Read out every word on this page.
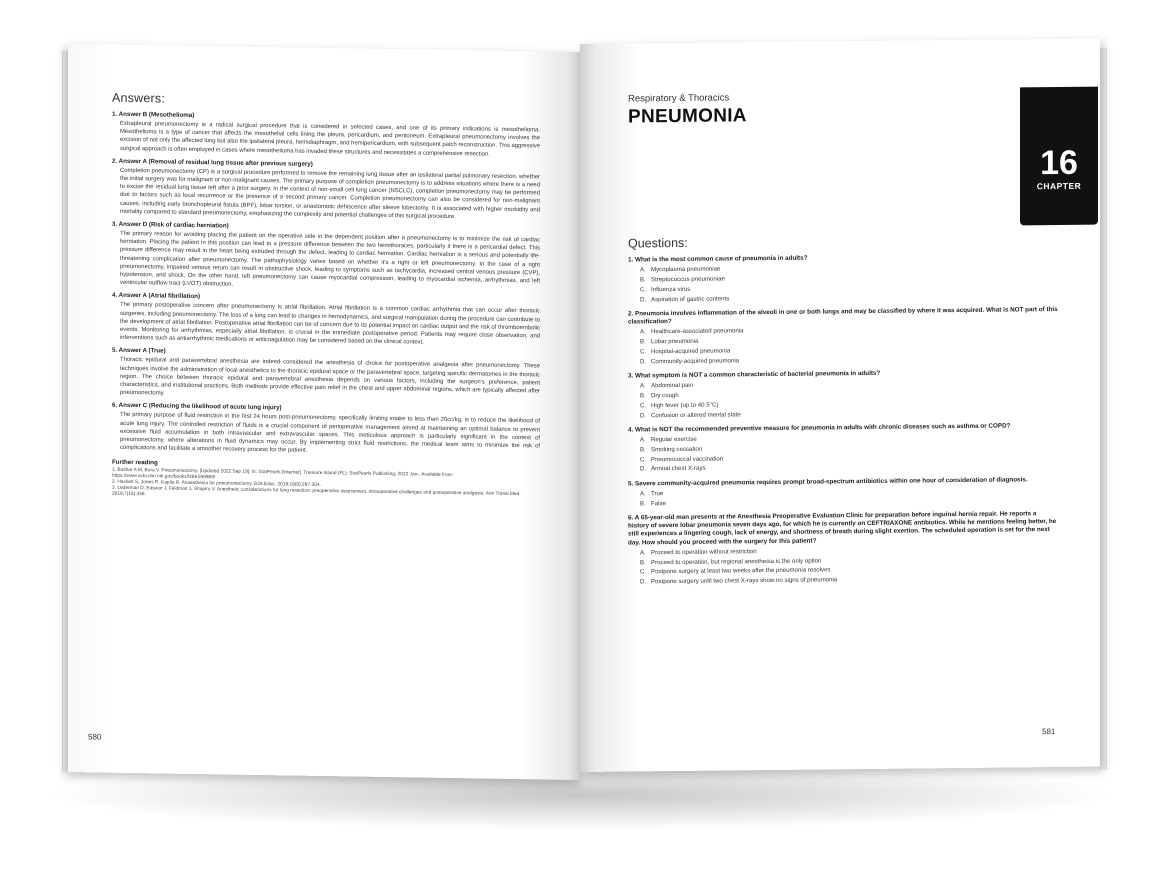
Answers:
1. Answer B (Mesothelioma)
Extrapleural pneumonectomy is a radical surgical procedure that is considered in selected cases, and one of its primary indications is mesothelioma. Mesothelioma is a type of cancer that affects the mesothelial cells lining the pleura, pericardium, and peritoneum. Extrapleural pneumonectomy involves the excision of not only the affected lung but also the ipsilateral pleura, hemidiaphragm, and hemipericardium, with subsequent patch reconstruction. This aggressive surgical approach is often employed in cases where mesothelioma has invaded these structures and necessitates a comprehensive resection.
2. Answer A (Removal of residual lung tissue after previous surgery)
Completion pneumonectomy (CP) is a surgical procedure performed to remove the remaining lung tissue after an ipsilateral partial pulmonary resection, whether the initial surgery was for malignant or non-malignant causes. The primary purpose of completion pneumonectomy is to address situations where there is a need to excise the residual lung tissue left after a prior surgery. In the context of non-small cell lung cancer (NSCLC), completion pneumonectomy may be performed due to factors such as local recurrence or the presence of a second primary cancer. Completion pneumonectomy can also be considered for non-malignant causes, including early bronchopleural fistula (BPF), lobar torsion, or anastomotic dehiscence after sleeve lobectomy. It is associated with higher morbidity and mortality compared to standard pneumonectomy, emphasizing the complexity and potential challenges of this surgical procedure.
3. Answer D (Risk of cardiac herniation)
The primary reason for avoiding placing the patient on the operative side in the dependent position after a pneumonectomy is to minimize the risk of cardiac herniation. Placing the patient in this position can lead to a pressure difference between the two hemithoraces, particularly if there is a pericardial defect. This pressure difference may result in the heart being extruded through the defect, leading to cardiac herniation. Cardiac herniation is a serious and potentially life-threatening complication after pneumonectomy. The pathophysiology varies based on whether it's a right or left pneumonectomy. In the case of a right pneumonectomy, impaired venous return can result in obstructive shock, leading to symptoms such as tachycardia, increased central venous pressure (CVP), hypotension, and shock. On the other hand, left pneumonectomy can cause myocardial compression, leading to myocardial ischemia, arrhythmias, and left ventricular outflow tract (LVOT) obstruction.
4. Answer A (Atrial fibrillation)
The primary postoperative concern after pneumonectomy is atrial fibrillation. Atrial fibrillation is a common cardiac arrhythmia that can occur after thoracic surgeries, including pneumonectomy. The loss of a lung can lead to changes in hemodynamics, and surgical manipulation during the procedure can contribute to the development of atrial fibrillation. Postoperative atrial fibrillation can be of concern due to its potential impact on cardiac output and the risk of thromboembolic events. Monitoring for arrhythmias, especially atrial fibrillation, is crucial in the immediate postoperative period. Patients may require close observation, and interventions such as antiarrhythmic medications or anticoagulation may be considered based on the clinical context.
5. Answer A (True)
Thoracic epidural and paravertebral anesthesia are indeed considered the anesthesia of choice for postoperative analgesia after pneumonectomy. These techniques involve the administration of local anesthetics to the thoracic epidural space or the paravertebral space, targeting specific dermatomes in the thoracic region. The choice between thoracic epidural and paravertebral anesthesia depends on various factors, including the surgeon's preference, patient characteristics, and institutional practices. Both methods provide effective pain relief in the chest and upper abdominal regions, which are typically affected after pneumonectomy.
6. Answer C (Reducing the likelihood of acute lung injury)
The primary purpose of fluid restriction in the first 24 hours post-pneumonectomy, specifically limiting intake to less than 20cc/kg, is to reduce the likelihood of acute lung injury. The controlled restriction of fluids is a crucial component of perioperative management aimed at maintaining an optimal balance to prevent excessive fluid accumulation in both intravascular and extravascular spaces. This meticulous approach is particularly significant in the context of pneumonectomy, where alterations in fluid dynamics may occur. By implementing strict fluid restrictions, the medical team aims to minimize the risk of complications and facilitate a smoother recovery process for the patient.
Further reading

1. Bashar A M, Bora V. Pneumonectomy. [Updated 2022 Sep 19]. In: StatPearls [Internet]. Treasure Island (FL): StatPearls Publishing; 2022 Jan-. Available from: https://www.ncbi.nlm.nih.gov/books/NBK559969/

2. Hackett S, Jones R, Kapila R. Anaesthesia for pneumonectomy. BJA Educ. 2019;19(9):297-304.

3. Lederman D, Easwar J, Feldman J, Shapiro V. Anesthetic considerations for lung resection: preoperative assessment, intraoperative challenges and postoperative analgesia. Ann Transl Med. 2019;7(15):356.

580
Respiratory & Thoracics
PNEUMONIA
Questions:
1. What is the most common cause of pneumonia in adults?
A. Mycoplasma pneumoniae
B. Streptococcus pneumoniae
C. Influenza virus
D. Aspiration of gastric contents
2. Pneumonia involves inflammation of the alveoli in one or both lungs and may be classified by where it was acquired. What is NOT part of this classification?
A. Healthcare-associated pneumonia
B. Lobar pneumonia
C. Hospital-acquired pneumonia
D. Community-acquired pneumonia
3. What symptom is NOT a common characteristic of bacterial pneumonia in adults?
A. Abdominal pain
B. Dry cough
C. High fever (up to 40.5°C)
D. Confusion or altered mental state
4. What is NOT the recommended preventive measure for pneumonia in adults with chronic diseases such as asthma or COPD?
A. Regular exercise
B. Smoking cessation
C. Pneumococcal vaccination
D. Annual chest X-rays
5. Severe community-acquired pneumonia requires prompt broad-spectrum antibiotics within one hour of consideration of diagnosis.
A. True
B. False
6. A 65-year-old man presents at the Anesthesia Preoperative Evaluation Clinic for preparation before inguinal hernia repair. He reports a history of severe lobar pneumonia seven days ago, for which he is currently on CEFTRIAXONE antibiotics. While he mentions feeling better, he still experiences a lingering cough, lack of energy, and shortness of breath during slight exertion. The scheduled operation is set for the next day. How should you proceed with the surgery for this patient?
A. Proceed to operation without restriction
B. Proceed to operation, but regional anesthesia is the only option
C. Postpone surgery at least two weeks after the pneumonia resolves
D. Postpone surgery until two chest X-rays show no signs of pneumonia
16
CHAPTER
581
